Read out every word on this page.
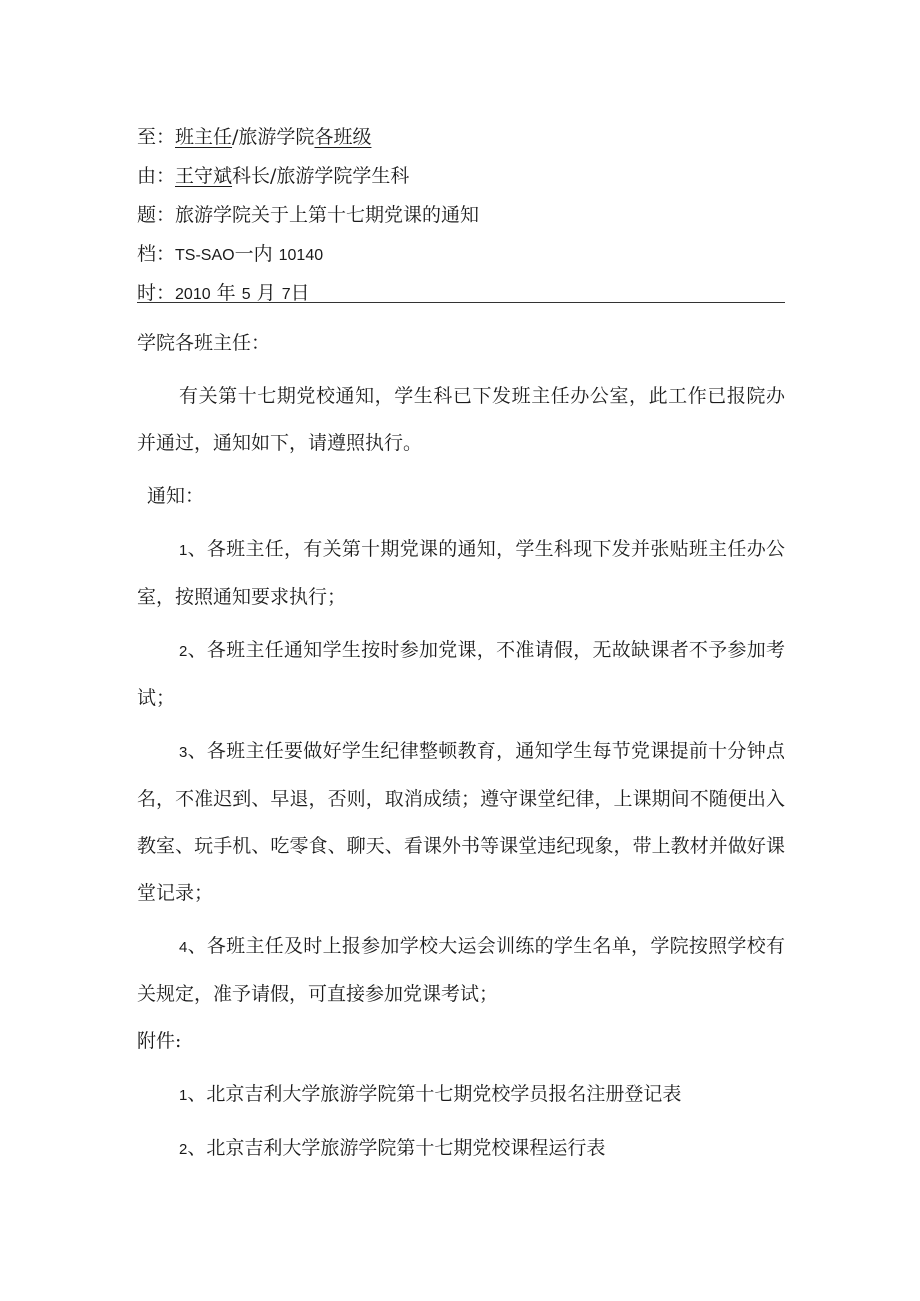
至：班主任/旅游学院各班级
由：王守斌科长/旅游学院学生科
题：旅游学院关于上第十七期党课的通知
档：TS-SAO一内 10140
时：2010 年 5 月 7日

学院各班主任：

有关第十七期党校通知，学生科已下发班主任办公室，此工作已报院办并通过，通知如下，请遵照执行。

通知：

1、各班主任，有关第十期党课的通知，学生科现下发并张贴班主任办公室，按照通知要求执行；

2、各班主任通知学生按时参加党课，不准请假，无故缺课者不予参加考试；

3、各班主任要做好学生纪律整顿教育，通知学生每节党课提前十分钟点名，不准迟到、早退，否则，取消成绩；遵守课堂纪律，上课期间不随便出入教室、玩手机、吃零食、聊天、看课外书等课堂违纪现象，带上教材并做好课堂记录；

4、各班主任及时上报参加学校大运会训练的学生名单，学院按照学校有关规定，准予请假，可直接参加党课考试；

附件:

1、北京吉利大学旅游学院第十七期党校学员报名注册登记表

2、北京吉利大学旅游学院第十七期党校课程运行表
